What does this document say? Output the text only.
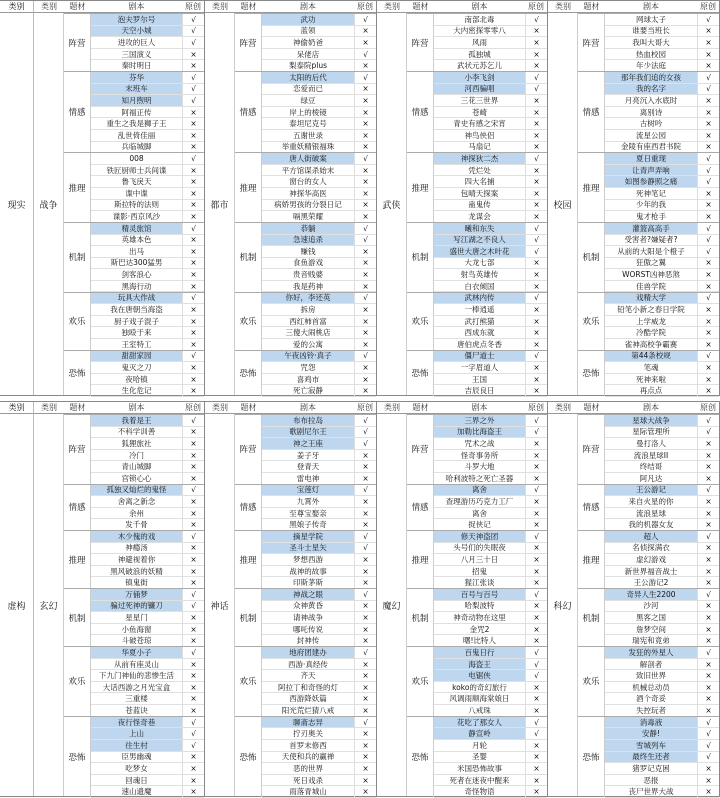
类别
现实
类别	题材	剧本	原创
战争
阵营
泡夫罗尔号	√
天空小城	√
进攻的巨人	√
三国演义	×
秦时明日	×
情感
芬华	√
末班车	√
知月煦明	√
阿福正传	×
重生之我是狮子王	×
乱世倚佳丽	×
兵临城脚	×
推理
008	√
铁匠厨师士兵间谍	×
鲁飞戾天	×
谍中谍	×
斯拉特的法则	×
谍影·西京风沙	×
机制
精灵旅馆	√
英雄本色	×
出马	×
斯巴达300猛男	×
剑客浪心	×
黑海行动	×
欢乐
玩具大作战	√
我在唐朝当海盗	×
厨子戏子混子	×
独殴于来	×
王室特工	×
恐怖
甜甜家园	√
鬼灭之刀	×
夜哈镇	×
生化危记	×
类别	题材	剧本	原创
都市
阵营
武功	√
蓝领	×
神偷奶爸	×
呆佬店	√
梨泰院plus	×
情感
太阳的后代	√
恋爱而已	×
绿豆	×
岸上的棱镜	×
泰坦尼克号	×
五谢世录	×
举重妖精银福珠	×
推理
唐人街破案	√
平方馆谋杀始末	×
窗台的女人	×
神探华高医	×
病娇男孩的分裂日记	×
嗝黑荣耀	×
机制
恭躺	√
急速追杀	√
赚钱	×
食鱼游戏	×
贵音贱婆	×
我是药神	×
欢乐
你好，李还英	√
拆房	×
西红柿首富	×
三傻大闹桃店	×
爱的公寓	×
恐怖
午夜凶铃·真子	√
咒怨	×
喜鸡市	×
死亡寂静	×
类别	题材	剧本	原创
武侠
阵营
南部北毒	√
大内密探零零八	×
风雨	×
孤独城	×
武状元苏乞儿	×
情感
小李飞剑	√
河西骗唱	√
三花三世界	×
苍崎	×
青史有感之宋宵	×
神鸟侠侣	×
马扇记	×
推理
神探狄二杰	√
凭烂处	×
四大名捕	×
包晴天探案	×
蛊鬼传	×
龙谋会	×
机制
曦和东失	√
写江湖之不良人	√
盛世大唐之木叶花	√
大龙七部	×
射鸟英雄传	×
白衣倾国	×
欢乐
武林内传	√
一棒逍遥	×
武打熊猫	×
西成东就	×
唐伯虎点冬香	×
恐怖
僵尸道士	√
一字眉道人	×
王国	×
吉辰良日	×
类别	题材	剧本	原创
校园
阵营
网球太子	√
谁要当班长	×
我叫大哥大	×
热血校园	×
年少法庭	×
情感
那年我们追的女孩	√
我的名字	√
月亮沉入水底时	×
离别诗	×
古树吟	×
流星公园	×
金陵有座西君书院	×
推理
夏日重现	√
让青声弄响	√
如图参静照之痛	√
死神笔记	×
少年的我	×
鬼才枪手	×
机制
灌篮高高手	√
受害者?嫌疑者?	√
从前的大阳是个橙子	√
狂傲之翼	×
WORST凶神恶煞	×
佳兽学院	×
欢乐
戏精大学	√
铅笔小新之春日学院	×
上学威龙	×
冷酷学院	×
雀神高校争霸赛	×
恐怖
第44条校规	√
笔魂	×
死神来啦	×
再点点	×
类别
虚构
类别	题材	剧本	原创
玄幻
阵营
我着是王	√
不科学训善	×
狐狸旅社	×
冷门	×
青山城脚	×
宫锁心心	×
情感
孤独又灿烂的鬼怪	√
舍离之新念	×
余州	×
发千骨	×
推理
木少傀的戏	√
神瘾汤	×
神避视着你	×
黑风破浪的妖精	×
镇鬼街	×
机制
万俑梦	√
骗过死神的镰刀	√
星星门	×
小鱼海窗	×
斗破苍琼	×
欢乐
华夏小子	√
从前有座灵山	×
下九门神仙的悲惨生活	×
大话西游之月光宝盒	×
三重楼	×
苍蓝诀	×
恐怖
夜行怪奇巷	√
上山	√
往生村	√
臣男幽魂	×
吃梦女	×
回魂日	×
速山遗魔	×
类别	题材	剧本	原创
神话
阵营
布布拉岛	√
歌剧尼尔王	√
神之王座	√
姜子牙	×
登青天	×
雷电神	×
情感
宝莲灯	√
九霄外	×
至尊宝娶亲	×
黑娘子传奇	×
推理
摘星学院	√
圣斗士星矢	√
梦想西游	×
战神的故事	×
印斯茅斯	×
机制
神战之眼	√
众神黄昏	×
请神战争	×
哪吒传说	×
封神传	×
欢乐
地府团建办	√
西游·真经传	×
齐天	×
阿拉丁和奇怪的灯	×
西游降妖篇	×
阳光荒烂猜八戒	×
恐怖
聊斋志异	√
拧刃奥关	×
首罗末修西	×
天使和兵的赢禅	×
恶的世界	×
死日戏杀	×
雨落青城山	×
类别	题材	剧本	原创
魔幻
阵营
三界之外	√
加勒比海盗王	√
咒术之战	×
怪奇事务所	×
斗罗大地	×
哈利波特之死亡圣器	×
情感
离舍	√
查理游历巧克力工厂	×
离舍	×
捉侠记	×
推理
修天神盗团	√
头号们的失眠夜	×
八月三十日	×
招鬼	×
猩江张谈	×
机制
百号与百号	√
哈梨波特	×
神奇动物在这里	×
金咒2	×
曙!比特人	×
欢乐
百鬼日行	√
海盗王	√
电锯侠	√
koko的奇幻旅行	×
风调雨顺海棠娘日	×
八戒珠	×
恐怖
花吃了那女人	√
静宣岭	√
月轮	×
圣婴	×
米国恐怖故事	×
死者在迷夜中醒来	×
奇怪物语	×
类别	题材	剧本	原创
科幻
阵营
星球大战争	√
星际管理所	√
曼打洛人	×
流浪星球II	×
终结哥	×
阿凡达	×
情感
王公游记	√
来自火星的你	×
流浪星球	×
我的机器女友	×
推理
超人	√
名侦探满衣	×
虚幻游戏	×
新世界福音战士	×
王公游记2	×
机制
奇异人生2200	√
沙河	×
黑客之国	×
詹梦空间	×
瑞宪和竟弟	×
欢乐
发狂的外星人	√
解剖者	×
致旧世界	×
机械总动员	×
酒个奇妥	×
失控玩者	×
恐怖
消毒液	√
安静!	√
雪城列车	√
最终生还者	√
猪罗记克困	×
恶报	×
丧尸世界大战	×
